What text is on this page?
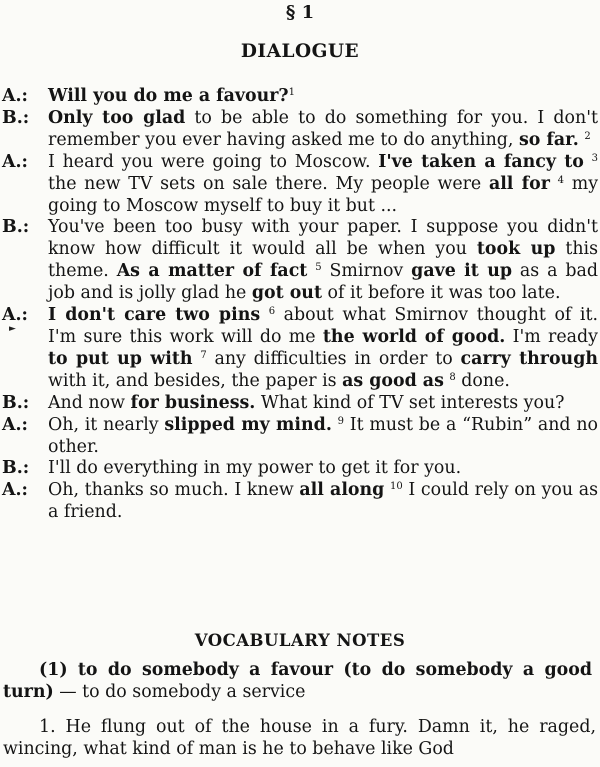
§ 1
DIALOGUE
A.:	Will you do me a favour?$^1$
B.:	Only too glad to be able to do something for you. I don't remember you ever having asked me to do anything, so far. $^2$
A.:	I heard you were going to Moscow. I've taken a fancy to $^3$ the new TV sets on sale there. My people were all for $^4$ my going to Moscow myself to buy it but ...
B.:	You've been too busy with your paper. I suppose you didn't know how difficult it would all be when you took up this theme. As a matter of fact $^5$ Smirnov gave it up as a bad job and is jolly glad he got out of it before it was too late.
A.:	I don't care two pins $^6$ about what Smirnov thought of it. I'm sure this work will do me the world of good. I'm ready to put up with $^7$ any difficulties in order to carry through with it, and besides, the paper is as good as $^8$ done.
B.:	And now for business. What kind of TV set interests you?
A.:	Oh, it nearly slipped my mind. $^9$ It must be a “Rubin” and no other.
B.:	I'll do everything in my power to get it for you.
A.:	Oh, thanks so much. I knew all along $^{10}$ I could rely on you as a friend.
►
VOCABULARY NOTES
(1) to do somebody a favour (to do somebody a good turn) — to do somebody a service
1. He flung out of the house in a fury. Damn it, he raged, wincing, what kind of man is he to behave like God
